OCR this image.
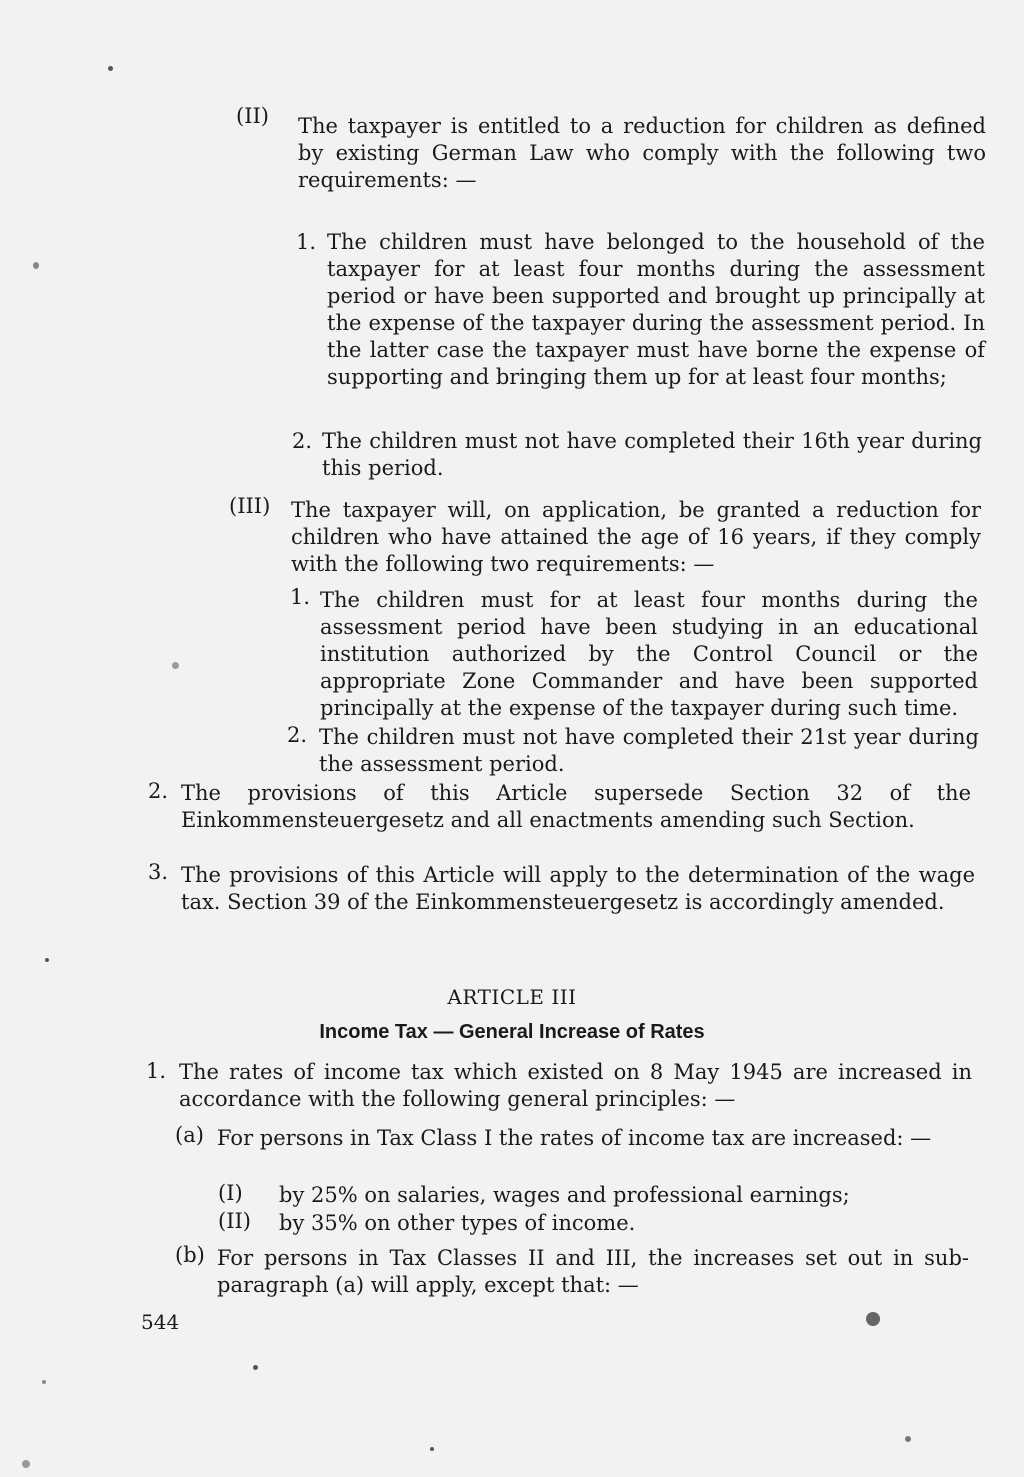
(II) The taxpayer is entitled to a reduction for children as defined by existing German Law who comply with the following two requirements: —
1. The children must have belonged to the household of the taxpayer for at least four months during the assessment period or have been supported and brought up principally at the expense of the taxpayer during the assessment period. In the latter case the taxpayer must have borne the expense of supporting and bringing them up for at least four months;
2. The children must not have completed their 16th year during this period.
(III) The taxpayer will, on application, be granted a reduction for children who have attained the age of 16 years, if they comply with the following two requirements: —
1. The children must for at least four months during the assessment period have been studying in an educational institution authorized by the Control Council or the appropriate Zone Commander and have been supported principally at the expense of the taxpayer during such time.
2. The children must not have completed their 21st year during the assessment period.
2. The provisions of this Article supersede Section 32 of the Einkommensteuergesetz and all enactments amending such Section.
3. The provisions of this Article will apply to the determination of the wage tax. Section 39 of the Einkommensteuergesetz is accordingly amended.
ARTICLE III
Income Tax — General Increase of Rates
1. The rates of income tax which existed on 8 May 1945 are increased in accordance with the following general principles: —
(a) For persons in Tax Class I the rates of income tax are increased: —
(I) by 25% on salaries, wages and professional earnings;
(II) by 35% on other types of income.
(b) For persons in Tax Classes II and III, the increases set out in sub-paragraph (a) will apply, except that: —
544
